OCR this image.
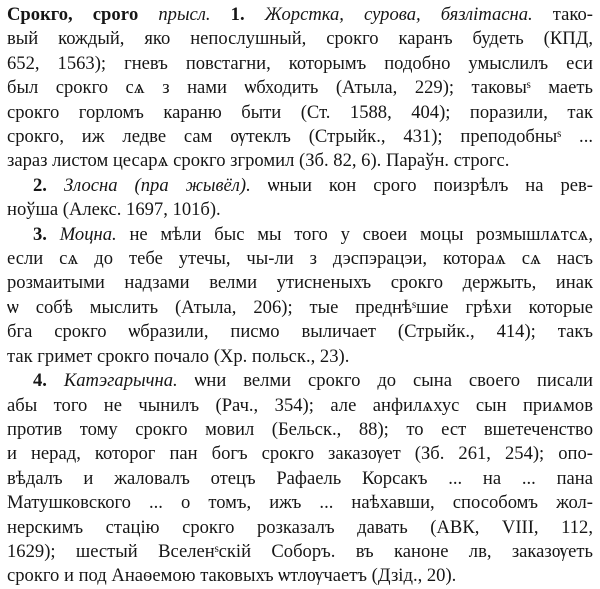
Срокго, сроrо прысл. 1. Жорстка, сурова, бязлітасна. тако-
вый кождый, яко непослушный, срокго каранъ будеть (КПД,
652, 1563); гневъ повстагни, которымъ подобно умыслилъ еси
был срокго сѧ з нами ѡбходить (Атыла, 229); таковыˢ маеть
срокго горломъ караню быти (Ст. 1588, 404); поразили, так
срокго, иж ледве сам ѹтеклъ (Стрыйк., 431); преподобныˢ ...
зараз листом цесарѧ срокго згромил (Зб. 82, 6). Параўн. строгс.

2. Злосна (пра жывёл). ѡныи кон срого поизрѣлъ на рев-
ноўша (Алекс. 1697, 101б).

3. Моцна. не мѣли быс мы того у своеи моцы розмышлѧтсѧ,
если сѧ до тебе утечы, чы-ли з дэспэрацэи, котораѧ сѧ насъ
розмаитыми надзами велми утисненыхъ срокго держыть, инак
ѡ собѣ мыслить (Атыла, 206); тые преднѣˢшие грѣхи которые
бга срокго ѡбразили, писмо выличает (Стрыйк., 414); такъ
так гримет срокго почало (Хр. польск., 23).

4. Катэгарычна. ѡни велми срокго до сына своего писали
абы того не чынилъ (Рач., 354); але анфилѧхус сын приѧмов
против тому срокго мовил (Бельск., 88); то ест вшетеченство
и нерад, которог пан богъ срокго заказѹет (Зб. 261, 254); опо-
вѣдалъ и жаловалъ отецъ Рафаель Корсакъ ... на ... пана
Матушковского ... о томъ, ижъ ... наѣхавши, способомъ жол-
нерскимъ стацію срокго розказалъ давать (АВК, VIII, 112,
1629); шестый Вселенˢскій Соборъ. въ каноне лв, заказѹеть
срокго и под Анаѳемою таковыхъ ѡтлѹчаетъ (Дзід., 20).
